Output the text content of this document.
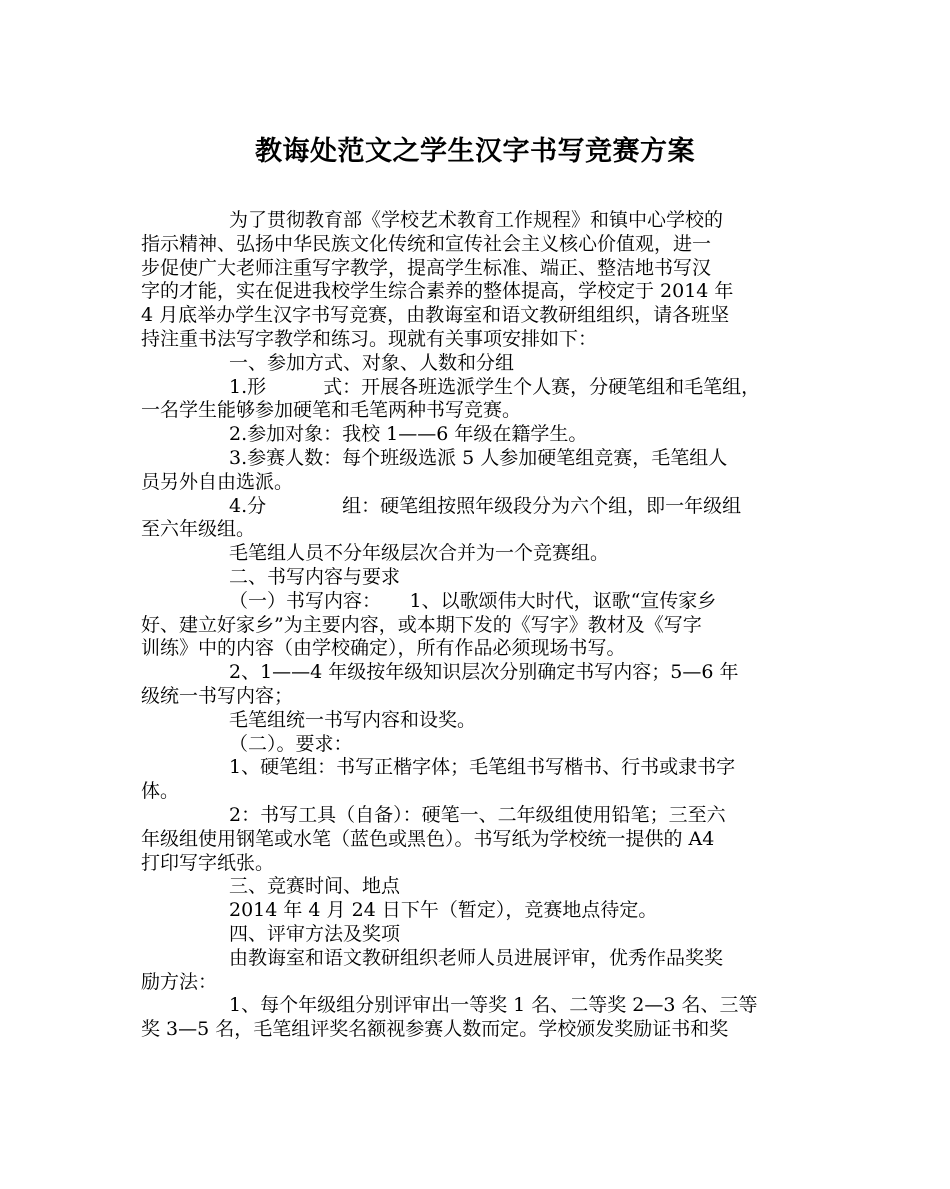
教诲处范文之学生汉字书写竞赛方案
为了贯彻教育部《学校艺术教育工作规程》和镇中心学校的
指示精神、弘扬中华民族文化传统和宣传社会主义核心价值观，进一
步促使广大老师注重写字教学，提高学生标准、端正、整洁地书写汉
字的才能，实在促进我校学生综合素养的整体提高，学校定于 2014 年
4 月底举办学生汉字书写竞赛，由教诲室和语文教研组组织，请各班坚
持注重书法写字教学和练习。现就有关事项安排如下：
一、参加方式、对象、人数和分组
1.形　　　式：开展各班选派学生个人赛，分硬笔组和毛笔组，
一名学生能够参加硬笔和毛笔两种书写竞赛。
2.参加对象：我校 1——6 年级在籍学生。
3.参赛人数：每个班级选派 5 人参加硬笔组竞赛，毛笔组人
员另外自由选派。
4.分　　　　组：硬笔组按照年级段分为六个组，即一年级组
至六年级组。
毛笔组人员不分年级层次合并为一个竞赛组。
二、书写内容与要求
（一）书写内容：　　1、以歌颂伟大时代，讴歌“宣传家乡
好、建立好家乡”为主要内容，或本期下发的《写字》教材及《写字
训练》中的内容（由学校确定），所有作品必须现场书写。
2、1——4 年级按年级知识层次分别确定书写内容；5—6 年
级统一书写内容；
毛笔组统一书写内容和设奖。
（二）。要求：
1、硬笔组：书写正楷字体；毛笔组书写楷书、行书或隶书字
体。
2：书写工具（自备）：硬笔一、二年级组使用铅笔；三至六
年级组使用钢笔或水笔（蓝色或黑色）。书写纸为学校统一提供的 A4
打印写字纸张。
三、竞赛时间、地点
2014 年 4 月 24 日下午（暂定），竞赛地点待定。
四、评审方法及奖项
由教诲室和语文教研组织老师人员进展评审，优秀作品奖奖
励方法：
1、每个年级组分别评审出一等奖 1 名、二等奖 2—3 名、三等
奖 3—5 名，毛笔组评奖名额视参赛人数而定。学校颁发奖励证书和奖
